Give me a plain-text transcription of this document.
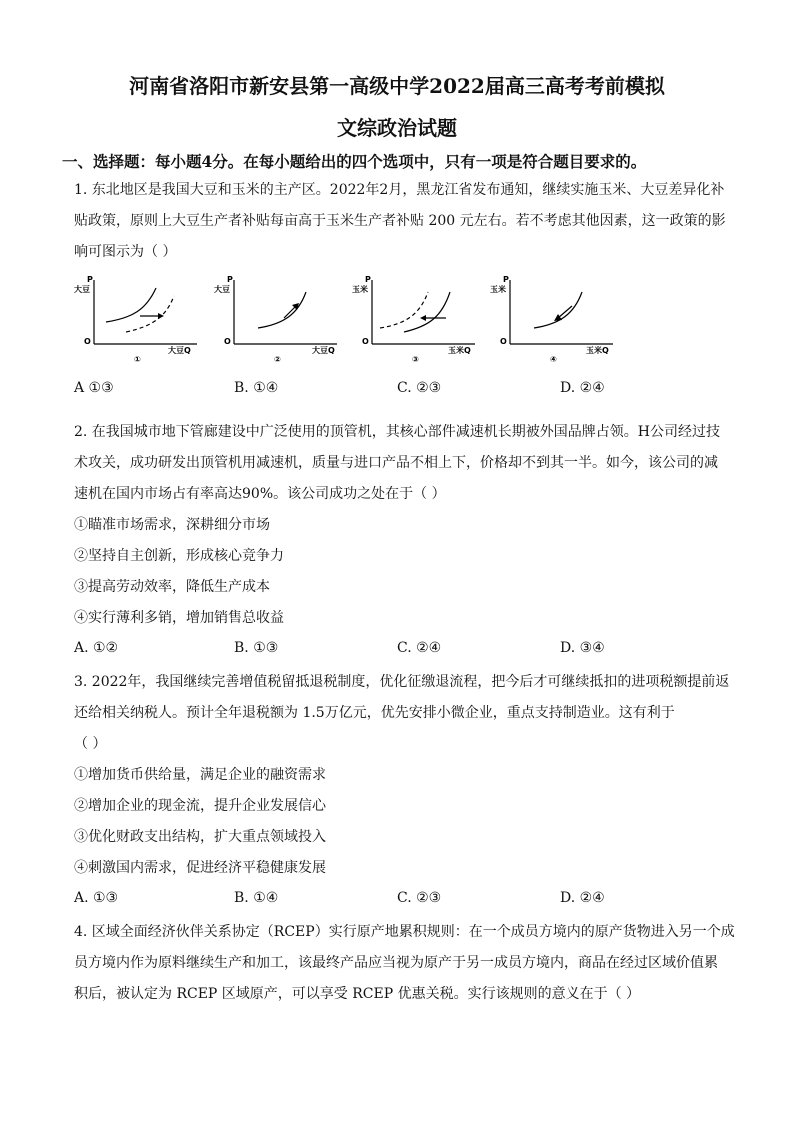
河南省洛阳市新安县第一高级中学2022届高三高考考前模拟
文综政治试题
一、选择题：每小题4分。在每小题给出的四个选项中，只有一项是符合题目要求的。
1. 东北地区是我国大豆和玉米的主产区。2022年2月，黑龙江省发布通知，继续实施玉米、大豆差异化补
贴政策，原则上大豆生产者补贴每亩高于玉米生产者补贴 200 元左右。若不考虑其他因素，这一政策的影
响可图示为（ ）
P
大豆
O
大豆Q
①
P
大豆
O
大豆Q
②
P
玉米
O
玉米Q
③
P
玉米
O
玉米Q
④
A ①③	B. ①④	C. ②③	D. ②④
2. 在我国城市地下管廊建设中广泛使用的顶管机，其核心部件减速机长期被外国品牌占领。H公司经过技
术攻关，成功研发出顶管机用减速机，质量与进口产品不相上下，价格却不到其一半。如今，该公司的减
速机在国内市场占有率高达90%。该公司成功之处在于（ ）
①瞄准市场需求，深耕细分市场
②坚持自主创新，形成核心竞争力
③提高劳动效率，降低生产成本
④实行薄利多销，增加销售总收益
A. ①②	B. ①③	C. ②④	D. ③④
3. 2022年，我国继续完善增值税留抵退税制度，优化征缴退流程，把今后才可继续抵扣的进项税额提前返
还给相关纳税人。预计全年退税额为 1.5万亿元，优先安排小微企业，重点支持制造业。这有利于
（ ）
①增加货币供给量，满足企业的融资需求
②增加企业的现金流，提升企业发展信心
③优化财政支出结构，扩大重点领域投入
④刺激国内需求，促进经济平稳健康发展
A. ①③	B. ①④	C. ②③	D. ②④
4. 区域全面经济伙伴关系协定（RCEP）实行原产地累积规则：在一个成员方境内的原产货物进入另一个成
员方境内作为原料继续生产和加工，该最终产品应当视为原产于另一成员方境内，商品在经过区域价值累
积后，被认定为 RCEP 区域原产，可以享受 RCEP 优惠关税。实行该规则的意义在于（ ）
